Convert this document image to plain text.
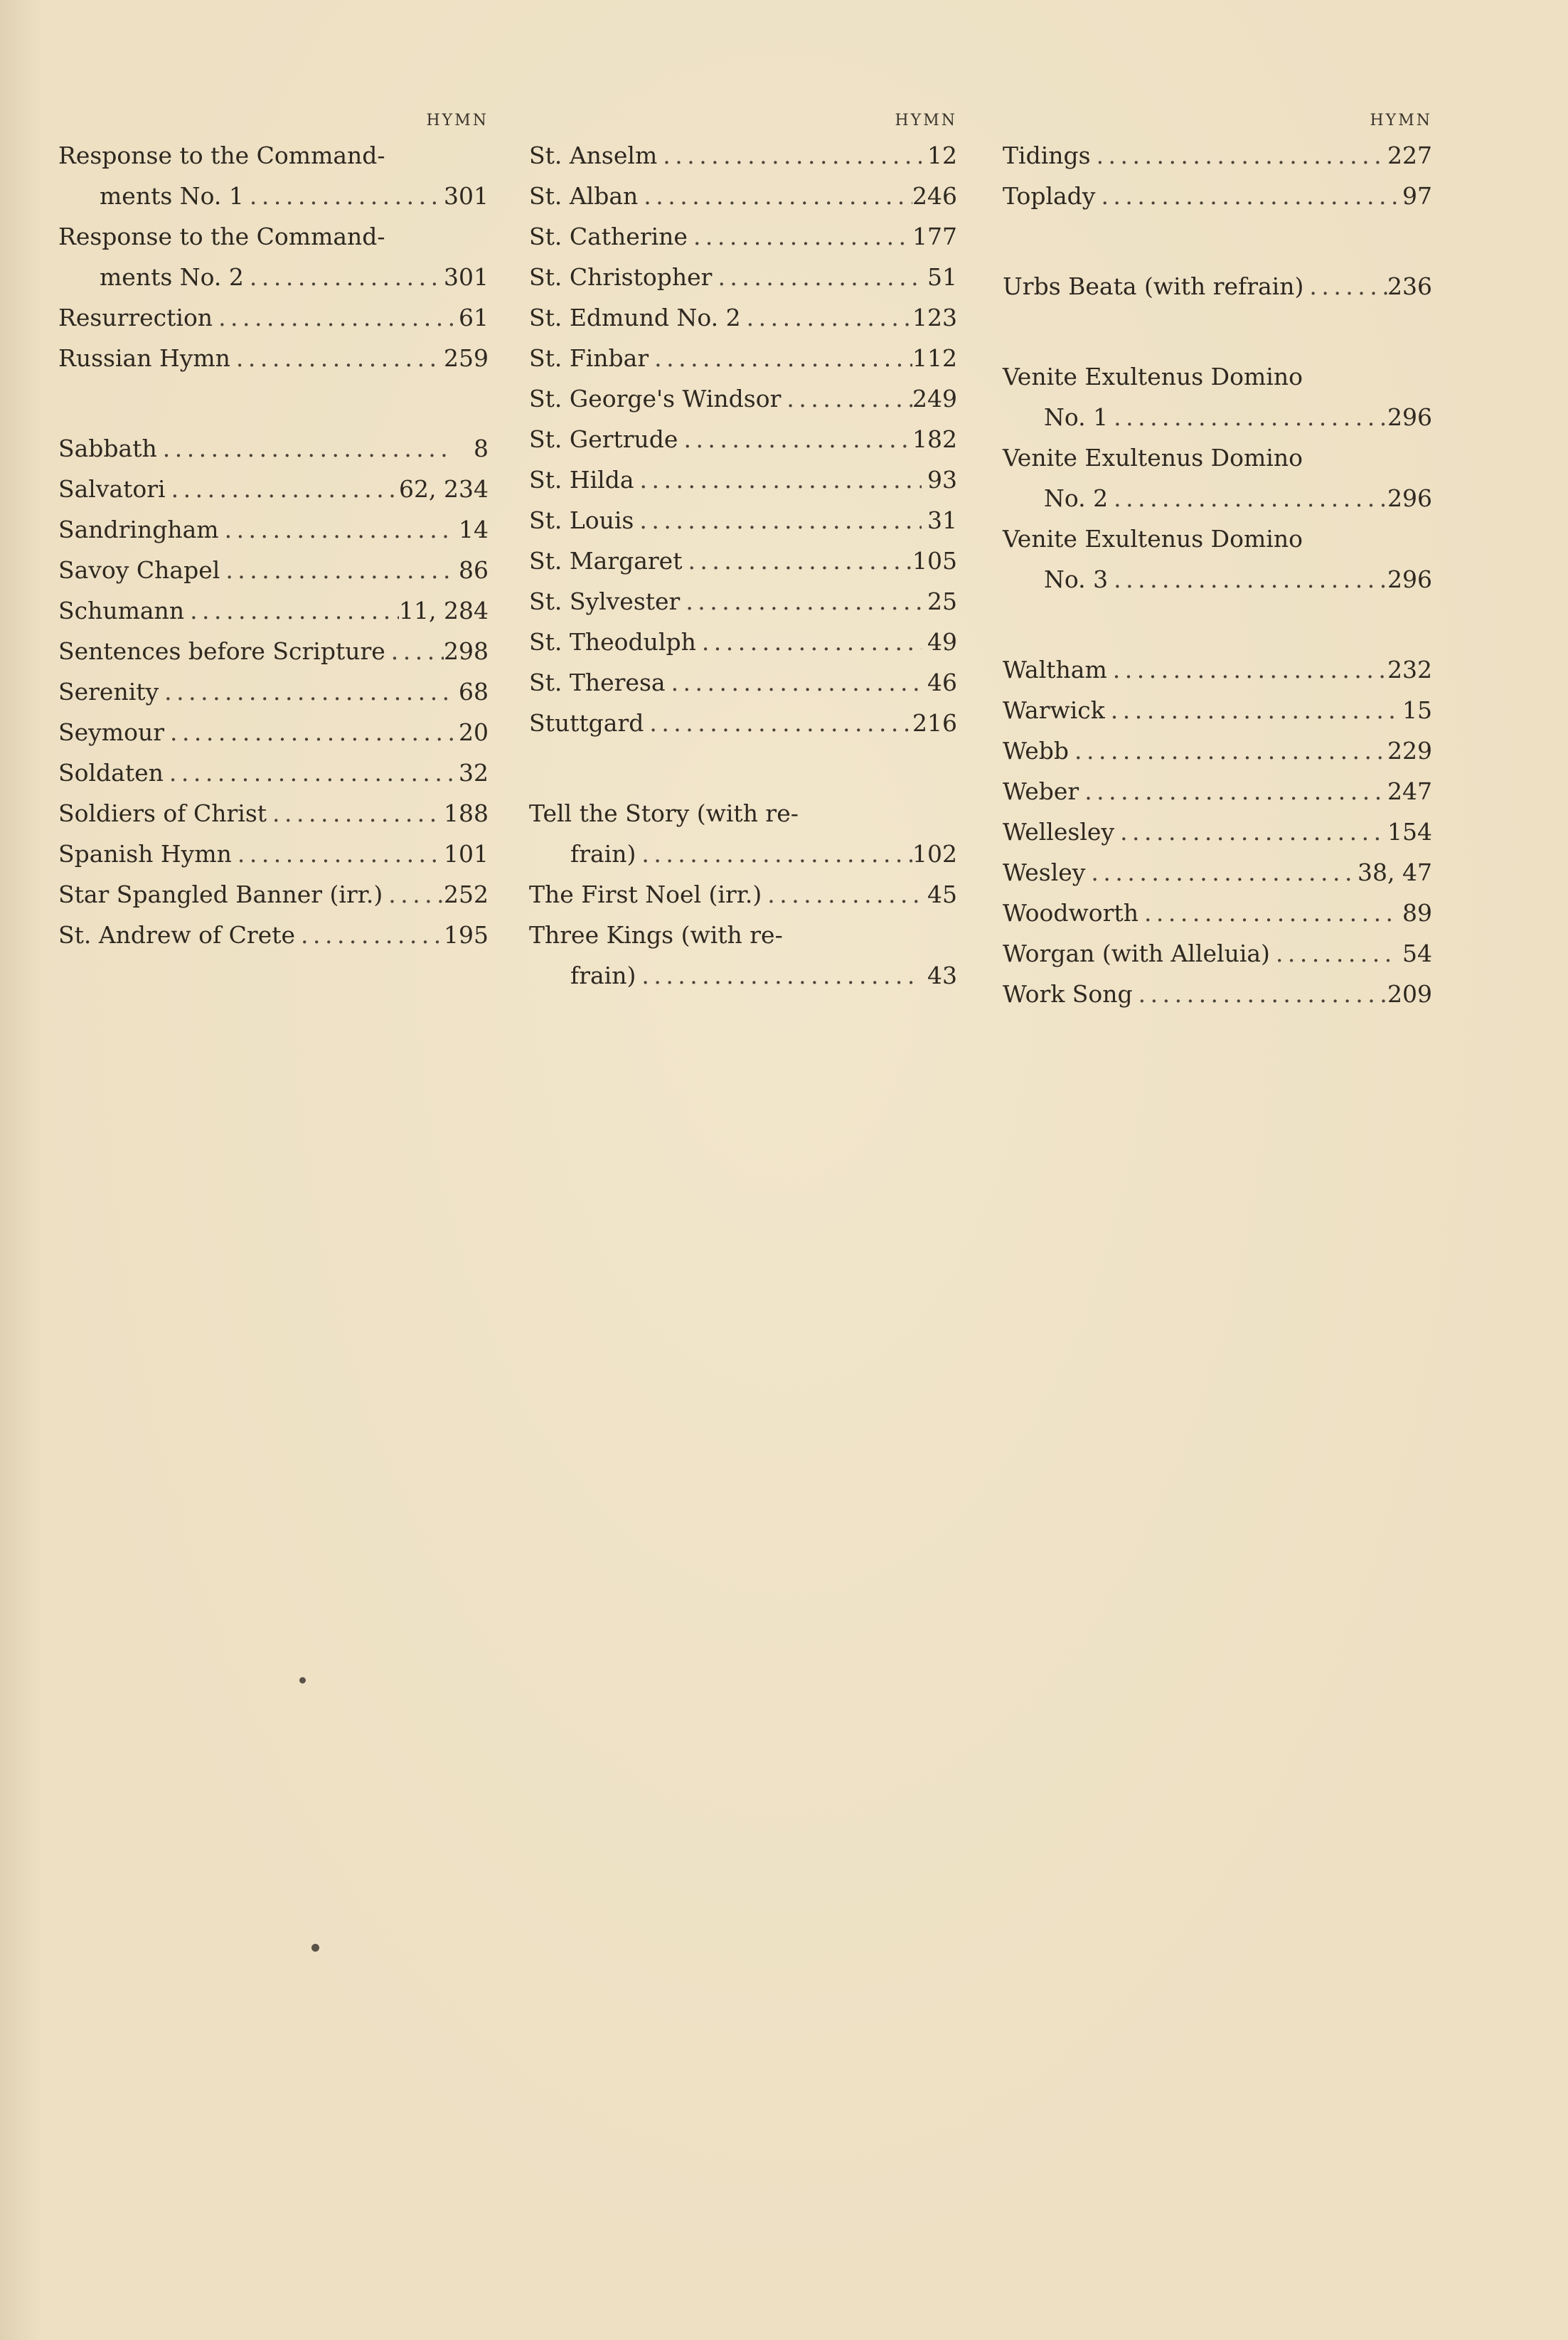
HYMN
Response to the Command-
ments No. 1 . . .	301
Response to the Command-
ments No. 2 . . .	301
Resurrection . . .	61
Russian Hymn . . .	259
Sabbath . . .	8
Salvatori . . .	62, 234
Sandringham . . .	14
Savoy Chapel . . .	86
Schumann . . .	11, 284
Sentences before Scripture . . . 298
Serenity . . .	68
Seymour . . .	20
Soldaten . . .	32
Soldiers of Christ . . .	188
Spanish Hymn . . .	101
Star Spangled Banner (irr.) . . .	252
St. Andrew of Crete . . .	195
HYMN
St. Anselm . . .	12
St. Alban . . .	246
St. Catherine . . .	177
St. Christopher . . .	51
St. Edmund No. 2 . . .	123
St. Finbar . . .	112
St. George's Windsor . . .	249
St. Gertrude . . .	182
St. Hilda . . .	93
St. Louis . . .	31
St. Margaret . . .	105
St. Sylvester . . .	25
St. Theodulph . . .	49
St. Theresa . . .	46
Stuttgard . . .	216
Tell the Story (with re-
frain) . . .	102
The First Noel (irr.) . . .	45
Three Kings (with re-
frain) . . .	43
HYMN
Tidings . . .	227
Toplady . . .	97
Urbs Beata (with refrain) . . .	236
Venite Exultenus Domino
No. 1 . . .	296
Venite Exultenus Domino
No. 2 . . .	296
Venite Exultenus Domino
No. 3 . . .	296
Waltham . . .	232
Warwick . . .	15
Webb . . .	229
Weber . . .	247
Wellesley . . .	154
Wesley . . .	38, 47
Woodworth . . .	89
Worgan (with Alleluia) . . .	54
Work Song . . .	209
